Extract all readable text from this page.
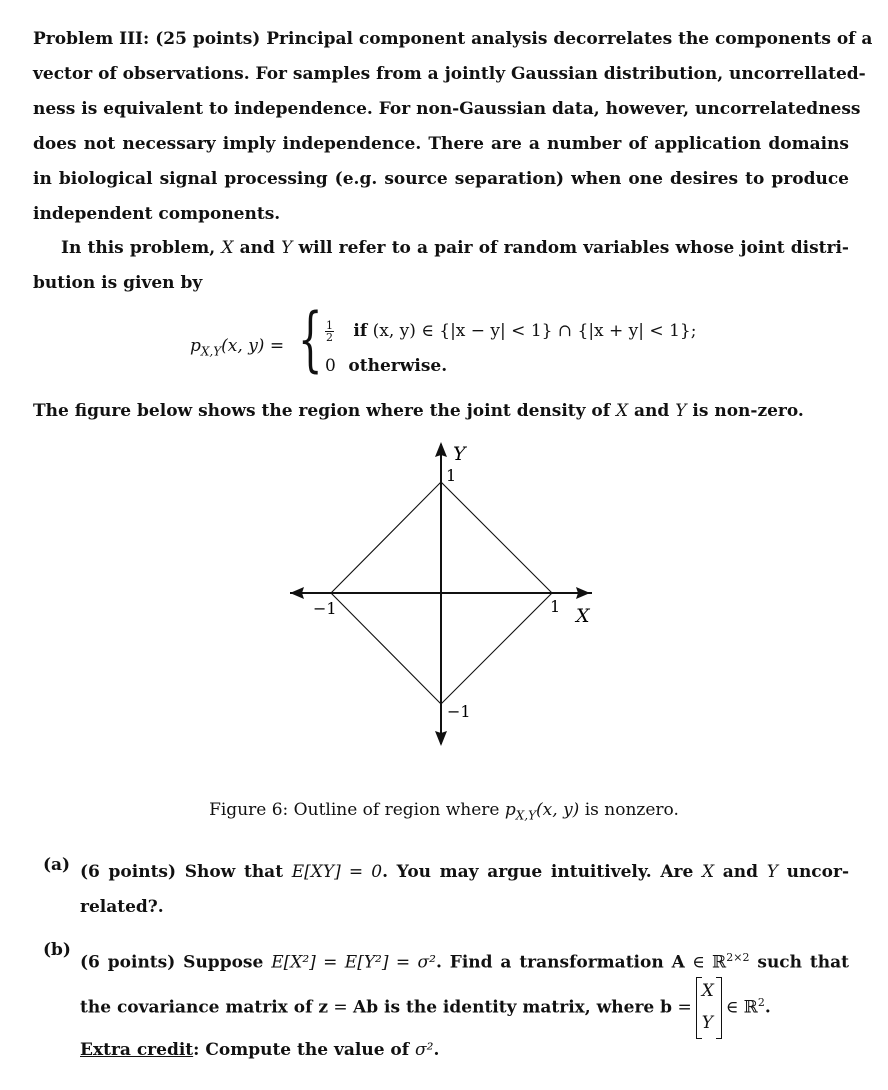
Problem III: (25 points) Principal component analysis decorrelates the components of a
vector of observations. For samples from a jointly Gaussian distribution, uncorrellated-
ness is equivalent to independence. For non-Gaussian data, however, uncorrelatedness
does not necessary imply independence. There are a number of application domains
in biological signal processing (e.g. source separation) when one desires to produce
independent components.
In this problem, X and Y will refer to a pair of random variables whose joint distri-
bution is given by
$p_{X,Y}(x$, y) = { $\frac{1}{2}$ if (x, y) ∈ {|x − y| < 1} ∩ {|x + y| < 1};
0 otherwise.
The figure below shows the region where the joint density of X and Y is non-zero.
Y
1
−1	1 X
−1
Figure 6: Outline of region where $p_{X,Y}(x$, y) is nonzero.
(a) (6 points) Show that E[XY] = 0. You may argue intuitively. Are X and Y uncor-
related?.
(b)
(6 points) Suppose E[X²] = E[Y²] = σ². Find a transformation A ∈ ℝ$^{2\times 2}$ such that
the covariance matrix of z = Ab is the identity matrix, where b =
X
Y
∈ ℝ$^2$.
Extra credit: Compute the value of σ².
